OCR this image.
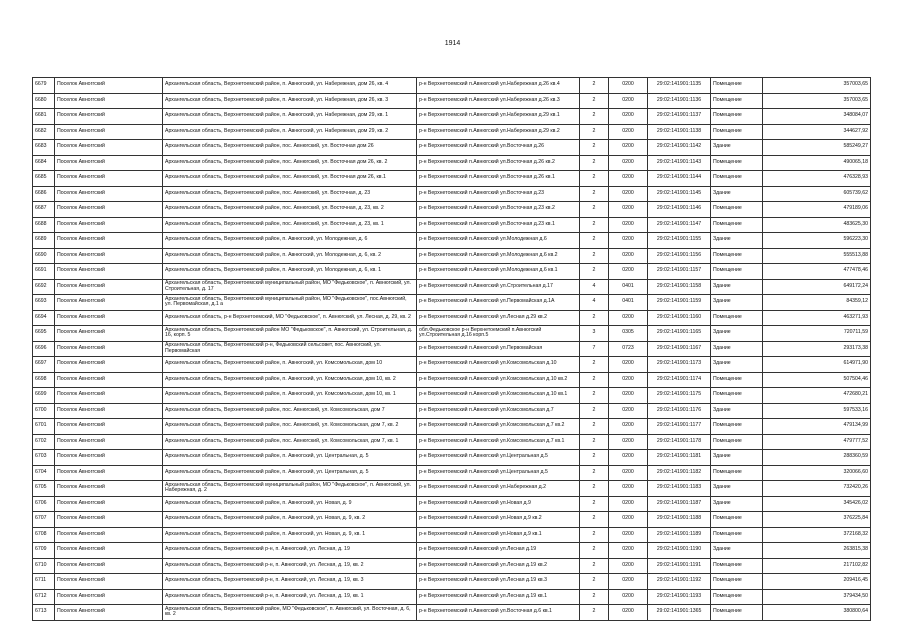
1914
6679	Поселок Авноггский	Архангельская область, Верхнетоемский район, п. Авнюгский, ул. Набережная, дом 26, кв. 4	р-н Верхнетоемский п.Авнюгский ул.Набережная д.26 кв.4	2	0200	29:02:141901:1135	Помещение	357003,65
6680	Поселок Авноггский	Архангельская область, Верхнетоемский район, п. Авнюгский, ул. Набережная, дом 26, кв. 3	р-н Верхнетоемский п.Авнюгский ул.Набережная д.26 кв.3	2	0200	29:02:141901:1136	Помещение	357003,65
6681	Поселок Авноггский	Архангельская область, Верхнетоемский район, п. Авнюгский, ул. Набережная, дом 29, кв. 1	р-н Верхнетоемский п.Авнюгский ул.Набережная д.29 кв.1	2	0200	29:02:141901:1137	Помещение	348084,07
6682	Поселок Авноггский	Архангельская область, Верхнетоемский район, п. Авнюгский, ул. Набережная, дом 29, кв. 2	р-н Верхнетоемский п.Авнюгский ул.Набережная д.29 кв.2	2	0200	29:02:141901:1138	Помещение	344627,92
6683	Поселок Авноггский	Архангельская область, Верхнетоемский район, пос. Авнюгский, ул. Восточная дом 26	р-н Верхнетоемский п.Авнюгский ул.Восточная д.26	2	0200	29:02:141901:1142	Здание	585249,27
6684	Поселок Авноггский	Архангельская область, Верхнетоемский район, пос. Авнюгский, ул. Восточная дом 26, кв. 2	р-н Верхнетоемский п.Авнюгский ул.Восточная д.26 кв.2	2	0200	29:02:141901:1143	Помещение	490065,18
6685	Поселок Авноггский	Архангельская область, Верхнетоемский район, пос. Авнюгский, ул. Восточная дом 26, кв.1	р-н Верхнетоемский п.Авнюгский ул.Восточная д.26 кв.1	2	0200	29:02:141901:1144	Помещение	476328,93
6686	Поселок Авноггский	Архангельская область, Верхнетоемский район, пос. Авнюгский, ул. Восточная, д. 23	р-н Верхнетоемский п.Авнюгский ул.Восточная д.23	2	0200	29:02:141901:1145	Здание	605739,62
6687	Поселок Авноггский	Архангельская область, Верхнетоемский район, пос. Авнюгский, ул. Восточная, д. 23, кв. 2	р-н Верхнетоемский п.Авнюгский ул.Восточная д.23 кв.2	2	0200	29:02:141901:1146	Помещение	479189,06
6688	Поселок Авноггский	Архангельская область, Верхнетоемский район, пос. Авнюгский, ул. Восточная, д. 23, кв. 1	р-н Верхнетоемский п.Авнюгский ул.Восточная д.23 кв.1	2	0200	29:02:141901:1147	Помещение	483625,30
6689	Поселок Авноггский	Архангельская область, Верхнетоемский район, п. Авнюгский, ул. Молодежная, д. 6	р-н Верхнетоемский п.Авнюгский ул.Молодежная д.6	2	0200	29:02:141901:1155	Здание	596223,30
6690	Поселок Авноггский	Архангельская область, Верхнетоемский район, п. Авнюгский, ул. Молодежная, д. 6, кв. 2	р-н Верхнетоемский п.Авнюгский ул.Молодежная д.6 кв.2	2	0200	29:02:141901:1156	Помещение	555513,88
6691	Поселок Авноггский	Архангельская область, Верхнетоемский район, п. Авнюгский, ул. Молодежная, д. 6, кв. 1	р-н Верхнетоемский п.Авнюгский ул.Молодежная д.6 кв.1	2	0200	29:02:141901:1157	Помещение	477478,46
6692	Поселок Авноггский	Архангельская область, Верхнетоемский муниципальный район, МО "Федьковское", п. Авнюгский, ул. Строительная, д. 17	р-н Верхнетоемский п.Авнюгский ул.Строительная д.17	4	0401	29:02:141901:1158	Здание	649172,24
6693	Поселок Авноггский	Архангельская область, Верхнетоемский муниципальный район, МО "Федьковское", пос.Авнюгский, ул. Первомайская, д.1 а	р-н Верхнетоемский п.Авнюгский ул.Первомайская д.1А	4	0401	29:02:141901:1159	Здание	84359,12
6694	Поселок Авноггский	Архангельская область, р-н Верхнетоемский, МО "Федьковское", п. Авнюгский, ул. Лесная, д. 29, кв. 2	р-н Верхнетоемский п.Авнюгский ул.Лесная д.29 кв.2	2	0200	29:02:141901:1160	Помещение	463271,93
6695	Поселок Авноггский	Архангельская область, Верхнетоемский район МО "Федьковское", п. Авнюгский, ул. Строительная, д. 16, корп. 5	обл.Федьковское р-н Верхнетоемский п.Авнюгский ул.Строительная д.16 корп.5	3	0305	29:02:141901:1165	Здание	720711,59
6696	Поселок Авноггский	Архангельская область, Верхнетоемский р-н, Федьковский сельсовет, пос. Авнюгский, ул. Первомайская	р-н Верхнетоемский п.Авнюгский ул.Первомайская	7	0723	29:02:141901:1167	Здание	293173,38
6697	Поселок Авноггский	Архангельская область, Верхнетоемский район, п. Авнюгский, ул. Комсомольская, дом 10	р-н Верхнетоемский п.Авнюгский ул.Комсомольская д.10	2	0200	29:02:141901:1173	Здание	614971,90
6698	Поселок Авноггский	Архангельская область, Верхнетоемский район, п. Авнюгский, ул. Комсомольская, дом 10, кв. 2	р-н Верхнетоемский п.Авнюгский ул.Комсомольская д.10 кв.2	2	0200	29:02:141901:1174	Помещение	507504,46
6699	Поселок Авноггский	Архангельская область, Верхнетоемский район, п. Авнюгский, ул. Комсомольская, дом 10, кв. 1	р-н Верхнетоемский п.Авнюгский ул.Комсомольская д.10 кв.1	2	0200	29:02:141901:1175	Помещение	472680,21
6700	Поселок Авноггский	Архангельская область, Верхнетоемский район, пос. Авнюгский, ул. Комсомольская, дом 7	р-н Верхнетоемский п.Авнюгский ул.Комсомольская д.7	2	0200	29:02:141901:1176	Здание	597533,16
6701	Поселок Авноггский	Архангельская область, Верхнетоемский район, пос. Авнюгский, ул. Комсомольская, дом 7, кв. 2	р-н Верхнетоемский п.Авнюгский ул.Комсомольская д.7 кв.2	2	0200	29:02:141901:1177	Помещение	479134,99
6702	Поселок Авноггский	Архангельская область, Верхнетоемский район, пос. Авнюгский, ул. Комсомольская, дом 7, кв. 1	р-н Верхнетоемский п.Авнюгский ул.Комсомольская д.7 кв.1	2	0200	29:02:141901:1178	Помещение	479777,52
6703	Поселок Авноггский	Архангельская область, Верхнетоемский район, п. Авнюгский, ул. Центральная, д. 5	р-н Верхнетоемский п.Авнюгский ул.Центральная д.5	2	0200	29:02:141901:1181	Здание	288360,59
6704	Поселок Авноггский	Архангельская область, Верхнетоемский район, п. Авнюгский, ул. Центральная, д. 5	р-н Верхнетоемский п.Авнюгский ул.Центральная д.5	2	0200	29:02:141901:1182	Помещение	320066,60
6705	Поселок Авноггский	Архангельская область, Верхнетоемский муниципальный район, МО "Федьковское", п. Авнюгский, ул. Набережная, д. 2	р-н Верхнетоемский п.Авнюгский ул.Набережная д.2	2	0200	29:02:141901:1183	Здание	732420,26
6706	Поселок Авноггский	Архангельская область, Верхнетоемский район, п. Авнюгский, ул. Новая, д. 9	р-н Верхнетоемский п.Авнюгский ул.Новая д.9	2	0200	29:02:141901:1187	Здание	345426,02
6707	Поселок Авноггский	Архангельская область, Верхнетоемский район, п. Авнюгский, ул. Новая, д. 9, кв. 2	р-н Верхнетоемский п.Авнюгский ул.Новая д.9 кв.2	2	0200	29:02:141901:1188	Помещение	376225,84
6708	Поселок Авноггский	Архангельская область, Верхнетоемский район, п. Авнюгский, ул. Новая, д. 9, кв. 1	р-н Верхнетоемский п.Авнюгский ул.Новая д.9 кв.1	2	0200	29:02:141901:1189	Помещение	372168,32
6709	Поселок Авноггский	Архангельская область, Верхнетоемский р-н, п. Авнюгский, ул. Лесная, д. 19	р-н Верхнетоемский п.Авнюгский ул.Лесная д.19	2	0200	29:02:141901:1190	Здание	263815,38
6710	Поселок Авноггский	Архангельская область, Верхнетоемский р-н, п. Авнюгский, ул. Лесная, д. 19, кв. 2	р-н Верхнетоемский п.Авнюгский ул.Лесная д.19 кв.2	2	0200	29:02:141901:1191	Помещение	217102,82
6711	Поселок Авноггский	Архангельская область, Верхнетоемский р-н, п. Авнюгский, ул. Лесная, д. 19, кв. 3	р-н Верхнетоемский п.Авнюгский ул.Лесная д.19 кв.3	2	0200	29:02:141901:1192	Помещение	209416,45
6712	Поселок Авноггский	Архангельская область, Верхнетоемский р-н, п. Авнюгский, ул. Лесная, д. 19, кв. 1	р-н Верхнетоемский п.Авнюгский ул.Лесная д.19 кв.1	2	0200	29:02:141901:1193	Помещение	379434,50
6713	Поселок Авноггский	Архангельская область, Верхнетоемский район, МО "Федьковское", п. Авнюгский, ул. Восточная, д. 6, кв. 2	р-н Верхнетоемский п.Авнюгский ул.Восточная д.6 кв.1	2	0200	29:02:141901:1365	Помещение	380800,64
